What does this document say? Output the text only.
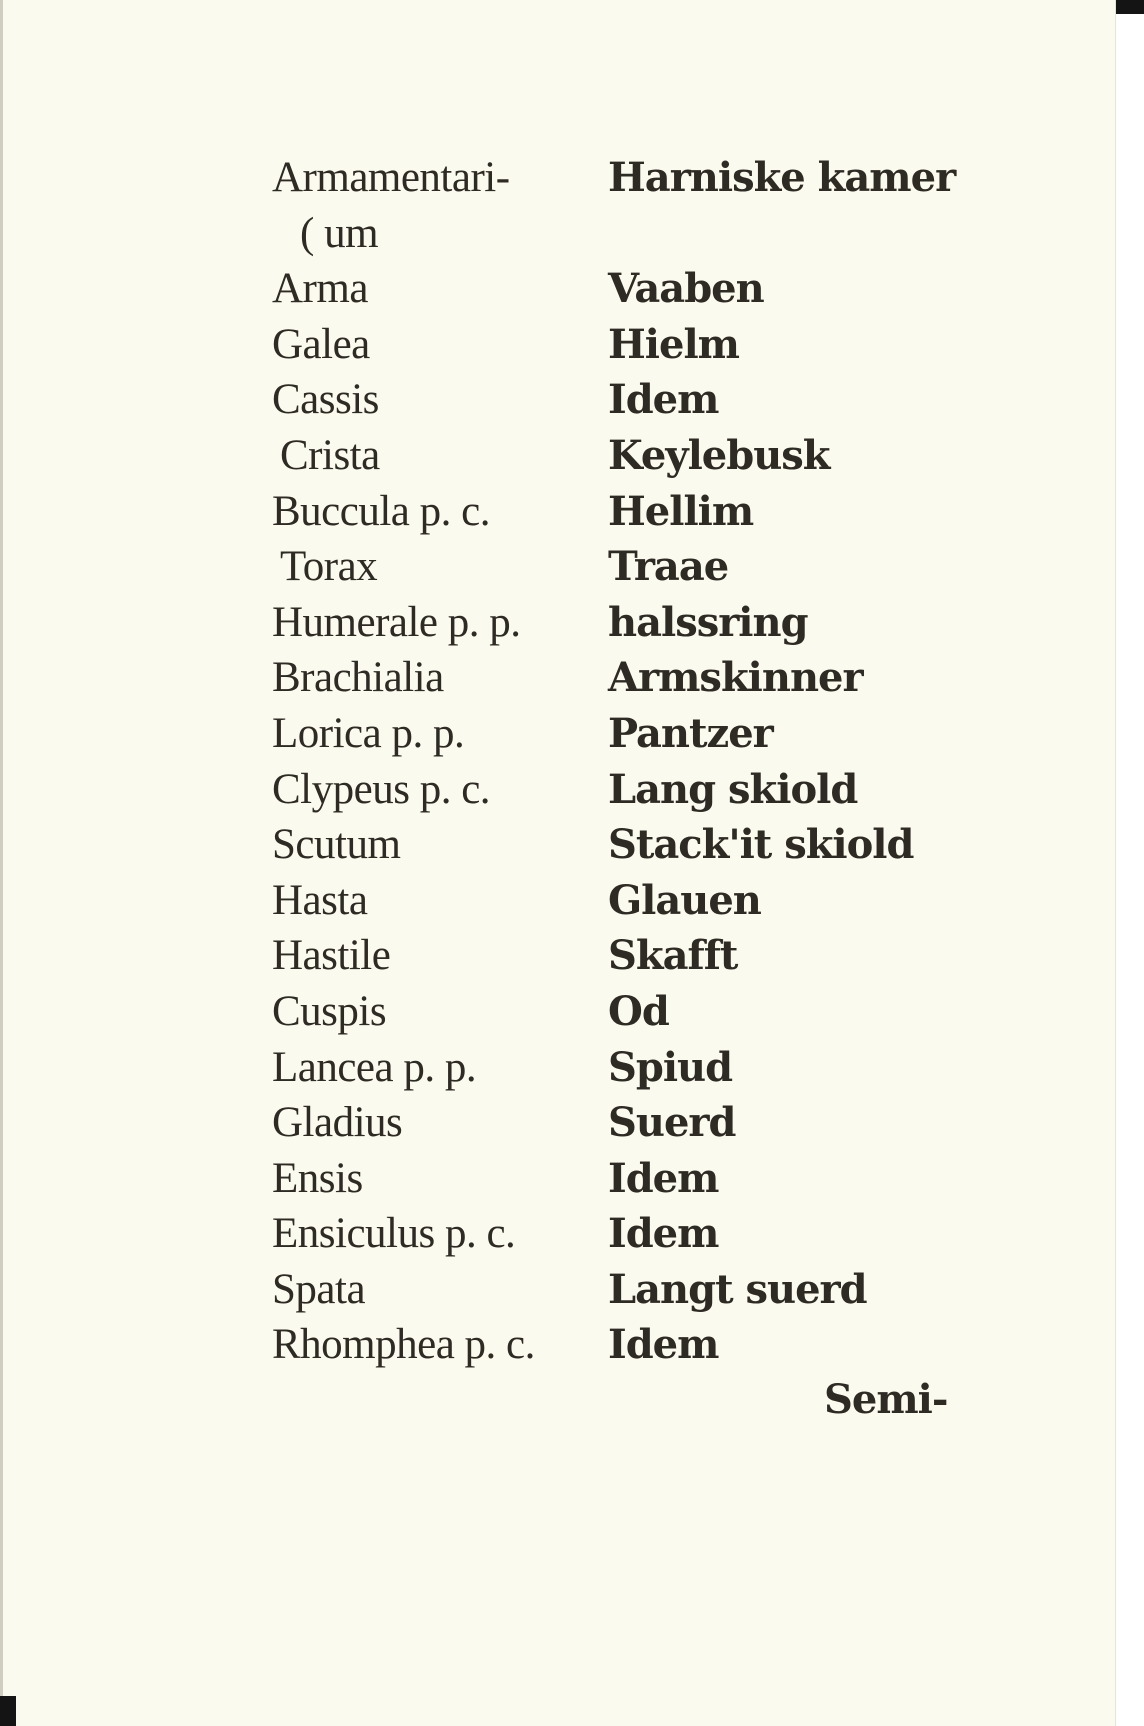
Armamentari- Harniske kamer
( um
Arma	Vaaben
Galea	Hielm
Cassis	Idem
Crista	Keylebusk
Buccula p. c.	Hellim
Torax	Traae
Humerale p. p. halssring
Brachialia	Armskinner
Lorica p. p.	Pantzer
Clypeus p. c.	Lang skiold
Scutum	Stack'it skiold
Hasta	Glauen
Hastile	Skafft
Cuspis	Od
Lancea p. p.	Spiud
Gladius	Suerd
Ensis	Idem
Ensiculus p. c. Idem
Spata	Langt suerd
Rhomphea p. c. Idem
Semi-
